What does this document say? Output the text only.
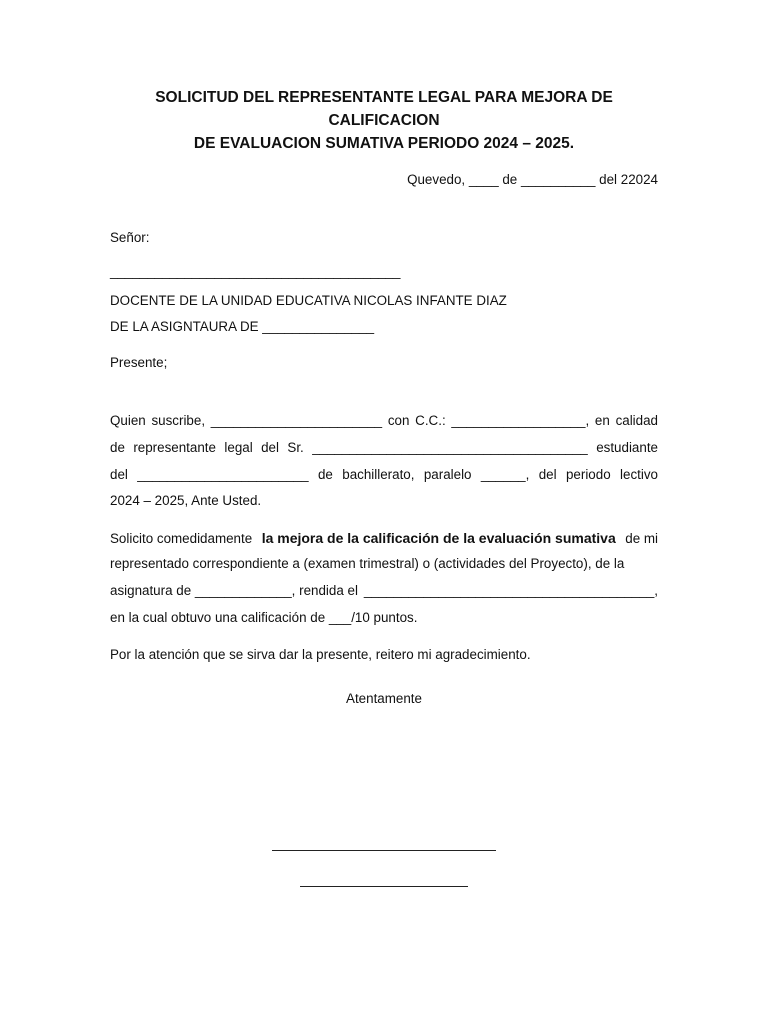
SOLICITUD DEL REPRESENTANTE LEGAL PARA MEJORA DE CALIFICACION
DE EVALUACION SUMATIVA PERIODO 2024 – 2025.
Quevedo, ____ de __________ del 22024
Señor:
_______________________________________
DOCENTE DE LA UNIDAD EDUCATIVA NICOLAS INFANTE DIAZ
DE LA ASIGNTAURA DE _______________
Presente;
Quien suscribe, _______________________ con C.C.: __________________, en calidad
de representante legal del Sr. _____________________________________ estudiante
del _______________________ de bachillerato, paralelo ______, del periodo lectivo
2024 – 2025, Ante Usted.
Solicito comedidamente la mejora de la calificación de la evaluación sumativa de mi
representado correspondiente a (examen trimestral) o (actividades del Proyecto), de la
asignatura de _____________, rendida el _______________________________________,
en la cual obtuvo una calificación de ___/10 puntos.
Por la atención que se sirva dar la presente, reitero mi agradecimiento.
Atentamente
